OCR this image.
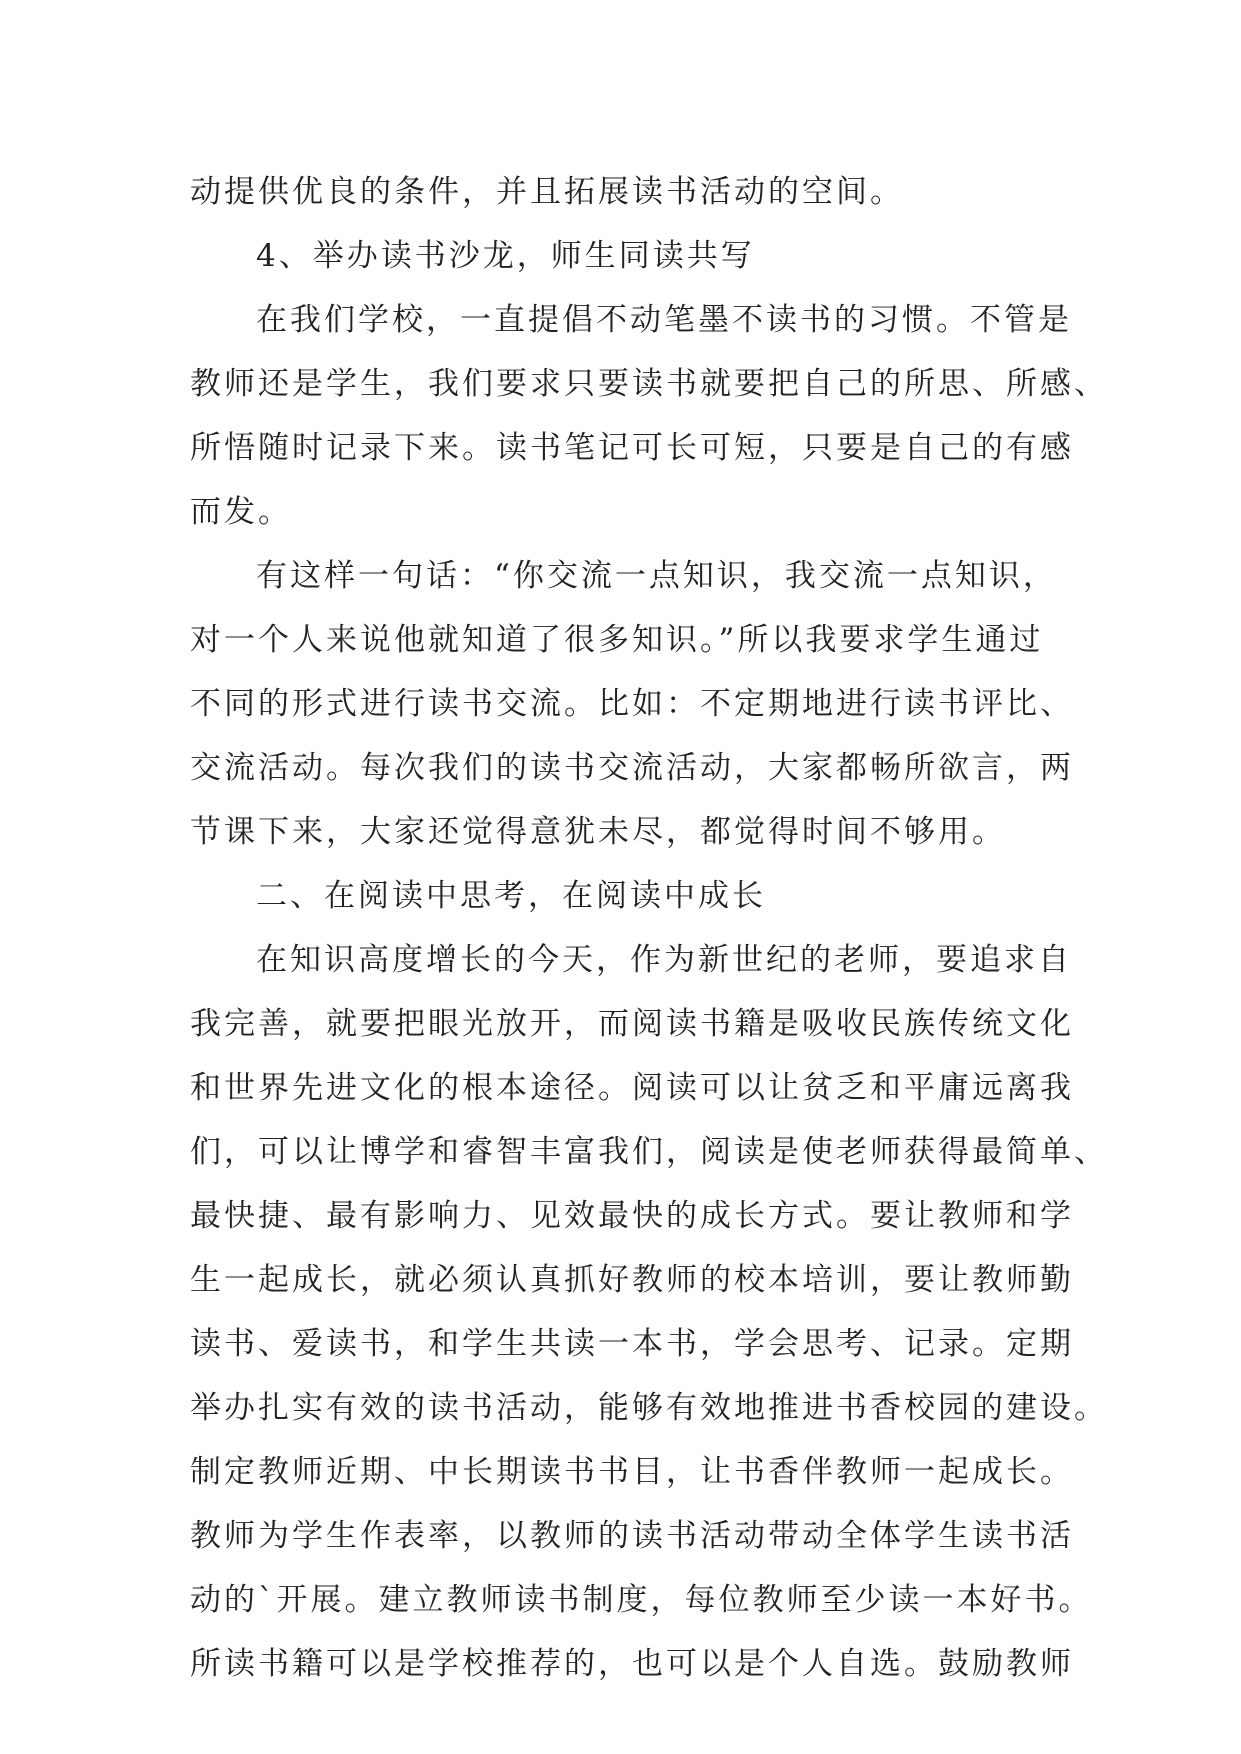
动提供优良的条件，并且拓展读书活动的空间。
4、举办读书沙龙，师生同读共写
在我们学校，一直提倡不动笔墨不读书的习惯。不管是
教师还是学生，我们要求只要读书就要把自己的所思、所感、
所悟随时记录下来。读书笔记可长可短，只要是自己的有感
而发。
有这样一句话：“你交流一点知识，我交流一点知识，
对一个人来说他就知道了很多知识。”所以我要求学生通过
不同的形式进行读书交流。比如：不定期地进行读书评比、
交流活动。每次我们的读书交流活动，大家都畅所欲言，两
节课下来，大家还觉得意犹未尽，都觉得时间不够用。
二、在阅读中思考，在阅读中成长
在知识高度增长的今天，作为新世纪的老师，要追求自
我完善，就要把眼光放开，而阅读书籍是吸收民族传统文化
和世界先进文化的根本途径。阅读可以让贫乏和平庸远离我
们，可以让博学和睿智丰富我们，阅读是使老师获得最简单、
最快捷、最有影响力、见效最快的成长方式。要让教师和学
生一起成长，就必须认真抓好教师的校本培训，要让教师勤
读书、爱读书，和学生共读一本书，学会思考、记录。定期
举办扎实有效的读书活动，能够有效地推进书香校园的建设。
制定教师近期、中长期读书书目，让书香伴教师一起成长。
教师为学生作表率，以教师的读书活动带动全体学生读书活
动的`开展。建立教师读书制度，每位教师至少读一本好书。
所读书籍可以是学校推荐的，也可以是个人自选。鼓励教师
